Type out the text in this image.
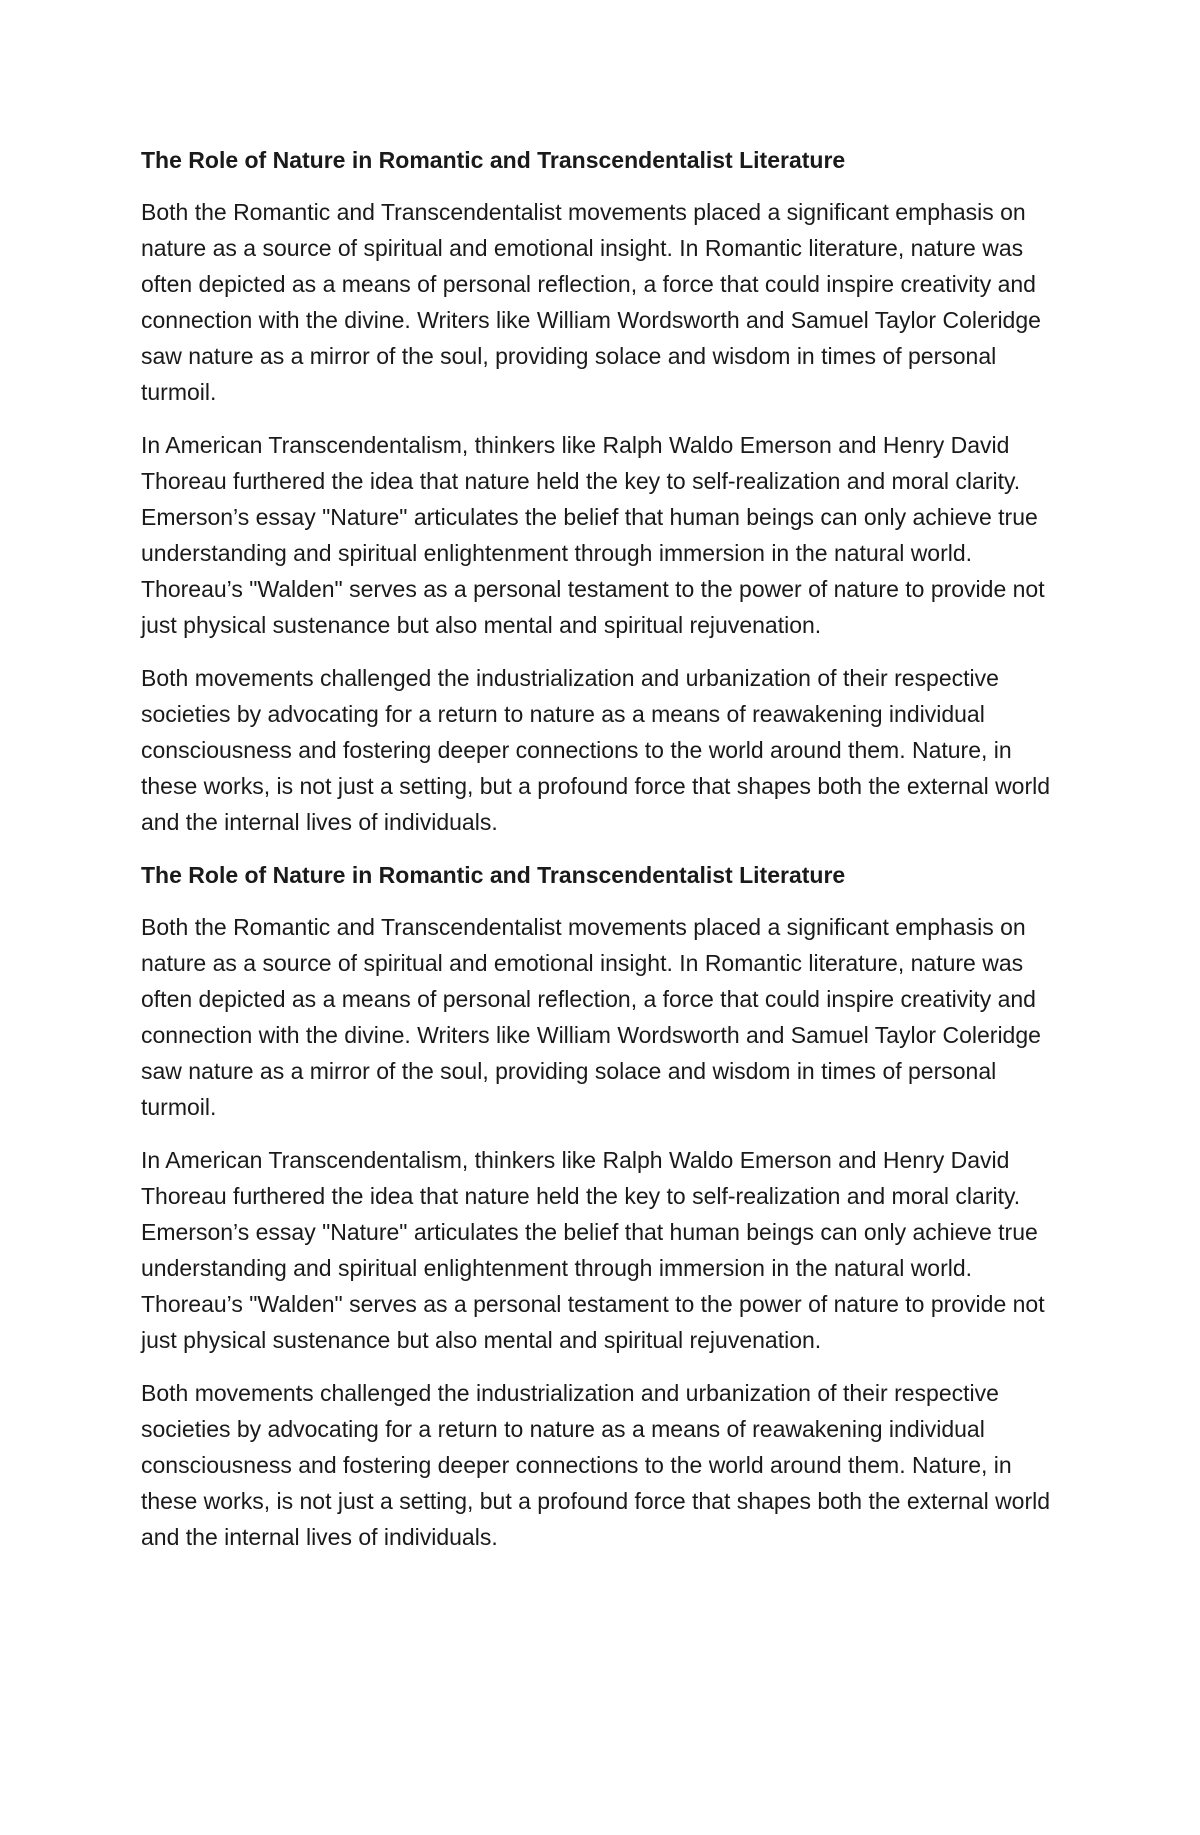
The Role of Nature in Romantic and Transcendentalist Literature

Both the Romantic and Transcendentalist movements placed a significant emphasis on nature as a source of spiritual and emotional insight. In Romantic literature, nature was often depicted as a means of personal reflection, a force that could inspire creativity and connection with the divine. Writers like William Wordsworth and Samuel Taylor Coleridge saw nature as a mirror of the soul, providing solace and wisdom in times of personal turmoil.

In American Transcendentalism, thinkers like Ralph Waldo Emerson and Henry David Thoreau furthered the idea that nature held the key to self-realization and moral clarity. Emerson’s essay "Nature" articulates the belief that human beings can only achieve true understanding and spiritual enlightenment through immersion in the natural world. Thoreau’s "Walden" serves as a personal testament to the power of nature to provide not just physical sustenance but also mental and spiritual rejuvenation.

Both movements challenged the industrialization and urbanization of their respective societies by advocating for a return to nature as a means of reawakening individual consciousness and fostering deeper connections to the world around them. Nature, in these works, is not just a setting, but a profound force that shapes both the external world and the internal lives of individuals.

The Role of Nature in Romantic and Transcendentalist Literature

Both the Romantic and Transcendentalist movements placed a significant emphasis on nature as a source of spiritual and emotional insight. In Romantic literature, nature was often depicted as a means of personal reflection, a force that could inspire creativity and connection with the divine. Writers like William Wordsworth and Samuel Taylor Coleridge saw nature as a mirror of the soul, providing solace and wisdom in times of personal turmoil.

In American Transcendentalism, thinkers like Ralph Waldo Emerson and Henry David Thoreau furthered the idea that nature held the key to self-realization and moral clarity. Emerson’s essay "Nature" articulates the belief that human beings can only achieve true understanding and spiritual enlightenment through immersion in the natural world. Thoreau’s "Walden" serves as a personal testament to the power of nature to provide not just physical sustenance but also mental and spiritual rejuvenation.

Both movements challenged the industrialization and urbanization of their respective societies by advocating for a return to nature as a means of reawakening individual consciousness and fostering deeper connections to the world around them. Nature, in these works, is not just a setting, but a profound force that shapes both the external world and the internal lives of individuals.
